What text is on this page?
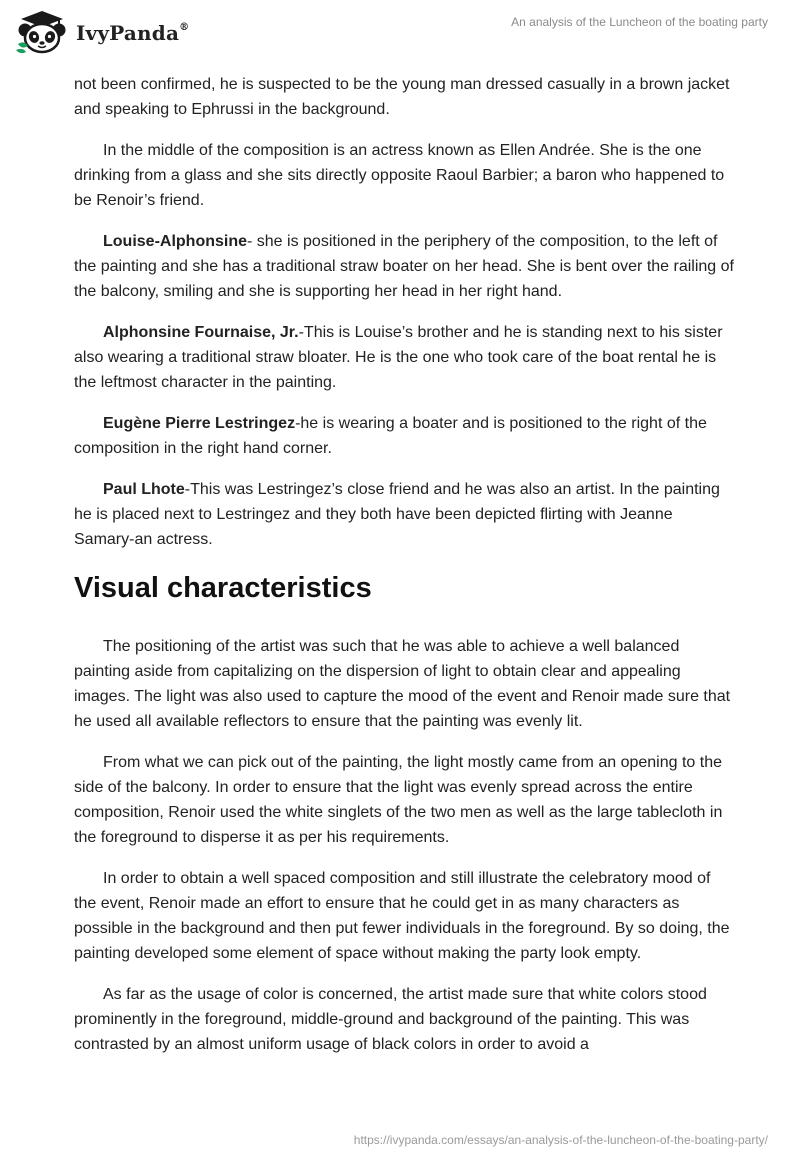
IvyPanda®	An analysis of the Luncheon of the boating party

not been confirmed, he is suspected to be the young man dressed casually in a brown jacket and speaking to Ephrussi in the background.

In the middle of the composition is an actress known as Ellen Andrée. She is the one drinking from a glass and she sits directly opposite Raoul Barbier; a baron who happened to be Renoir’s friend.

Louise-Alphonsine- she is positioned in the periphery of the composition, to the left of the painting and she has a traditional straw boater on her head. She is bent over the railing of the balcony, smiling and she is supporting her head in her right hand.

Alphonsine Fournaise, Jr.-This is Louise’s brother and he is standing next to his sister also wearing a traditional straw bloater. He is the one who took care of the boat rental he is the leftmost character in the painting.

Eugène Pierre Lestringez-he is wearing a boater and is positioned to the right of the composition in the right hand corner.

Paul Lhote-This was Lestringez’s close friend and he was also an artist. In the painting he is placed next to Lestringez and they both have been depicted flirting with Jeanne Samary-an actress.

Visual characteristics

The positioning of the artist was such that he was able to achieve a well balanced painting aside from capitalizing on the dispersion of light to obtain clear and appealing images. The light was also used to capture the mood of the event and Renoir made sure that he used all available reflectors to ensure that the painting was evenly lit.

From what we can pick out of the painting, the light mostly came from an opening to the side of the balcony. In order to ensure that the light was evenly spread across the entire composition, Renoir used the white singlets of the two men as well as the large tablecloth in the foreground to disperse it as per his requirements.

In order to obtain a well spaced composition and still illustrate the celebratory mood of the event, Renoir made an effort to ensure that he could get in as many characters as possible in the background and then put fewer individuals in the foreground. By so doing, the painting developed some element of space without making the party look empty.

As far as the usage of color is concerned, the artist made sure that white colors stood prominently in the foreground, middle-ground and background of the painting. This was contrasted by an almost uniform usage of black colors in order to avoid a

https://ivypanda.com/essays/an-analysis-of-the-luncheon-of-the-boating-party/
